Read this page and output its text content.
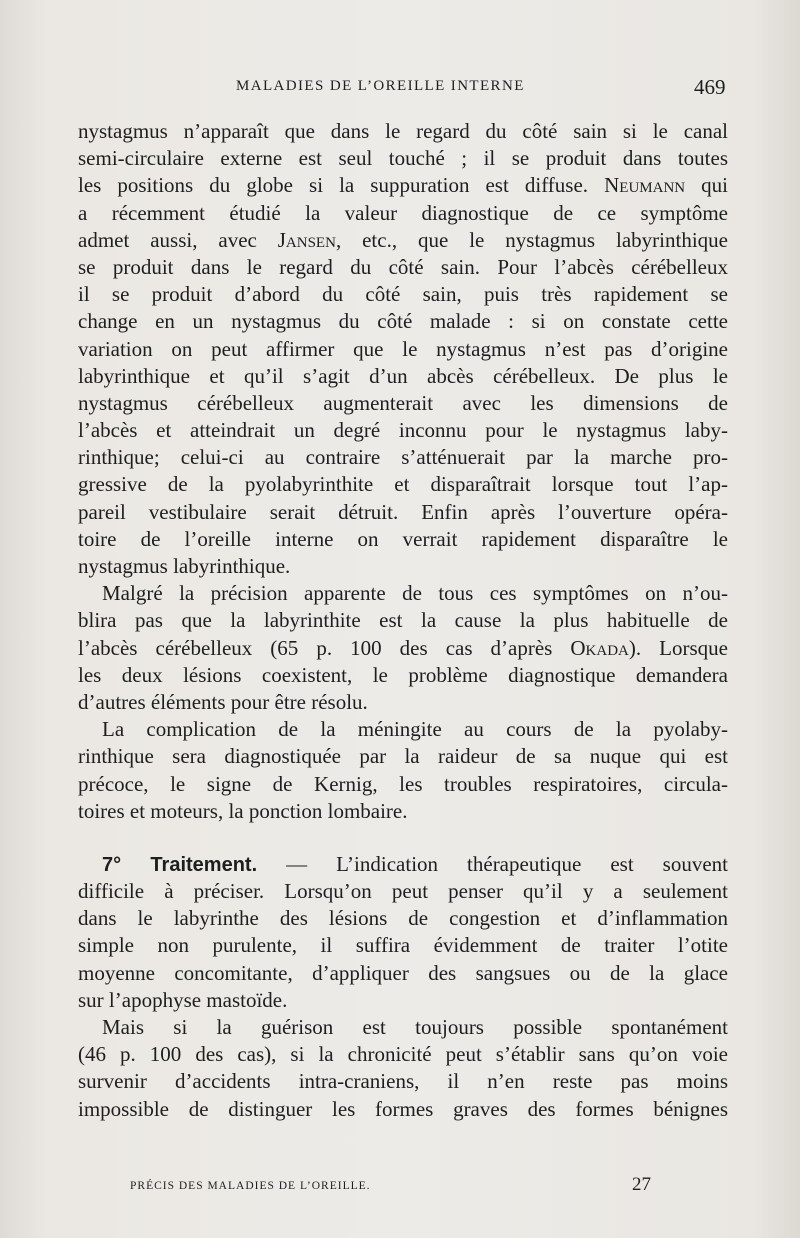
MALADIES DE L’OREILLE INTERNE	469
nystagmus n’apparaît que dans le regard du côté sain si le canal
semi-circulaire externe est seul touché ; il se produit dans toutes
les positions du globe si la suppuration est diffuse. Neumann qui
a récemment étudié la valeur diagnostique de ce symptôme
admet aussi, avec Jansen, etc., que le nystagmus labyrinthique
se produit dans le regard du côté sain. Pour l’abcès cérébelleux
il se produit d’abord du côté sain, puis très rapidement se
change en un nystagmus du côté malade : si on constate cette
variation on peut affirmer que le nystagmus n’est pas d’origine
labyrinthique et qu’il s’agit d’un abcès cérébelleux. De plus le
nystagmus cérébelleux augmenterait avec les dimensions de
l’abcès et atteindrait un degré inconnu pour le nystagmus laby-
rinthique; celui-ci au contraire s’atténuerait par la marche pro-
gressive de la pyolabyrinthite et disparaîtrait lorsque tout l’ap-
pareil vestibulaire serait détruit. Enfin après l’ouverture opéra-
toire de l’oreille interne on verrait rapidement disparaître le
nystagmus labyrinthique.
Malgré la précision apparente de tous ces symptômes on n’ou-
blira pas que la labyrinthite est la cause la plus habituelle de
l’abcès cérébelleux (65 p. 100 des cas d’après Okada). Lorsque
les deux lésions coexistent, le problème diagnostique demandera
d’autres éléments pour être résolu.
La complication de la méningite au cours de la pyolaby-
rinthique sera diagnostiquée par la raideur de sa nuque qui est
précoce, le signe de Kernig, les troubles respiratoires, circula-
toires et moteurs, la ponction lombaire.
7° Traitement. — L’indication thérapeutique est souvent
difficile à préciser. Lorsqu’on peut penser qu’il y a seulement
dans le labyrinthe des lésions de congestion et d’inflammation
simple non purulente, il suffira évidemment de traiter l’otite
moyenne concomitante, d’appliquer des sangsues ou de la glace
sur l’apophyse mastoïde.
Mais si la guérison est toujours possible spontanément
(46 p. 100 des cas), si la chronicité peut s’établir sans qu’on voie
survenir d’accidents intra-craniens, il n’en reste pas moins
impossible de distinguer les formes graves des formes bénignes
PRÉCIS DES MALADIES DE L’OREILLE.	27
